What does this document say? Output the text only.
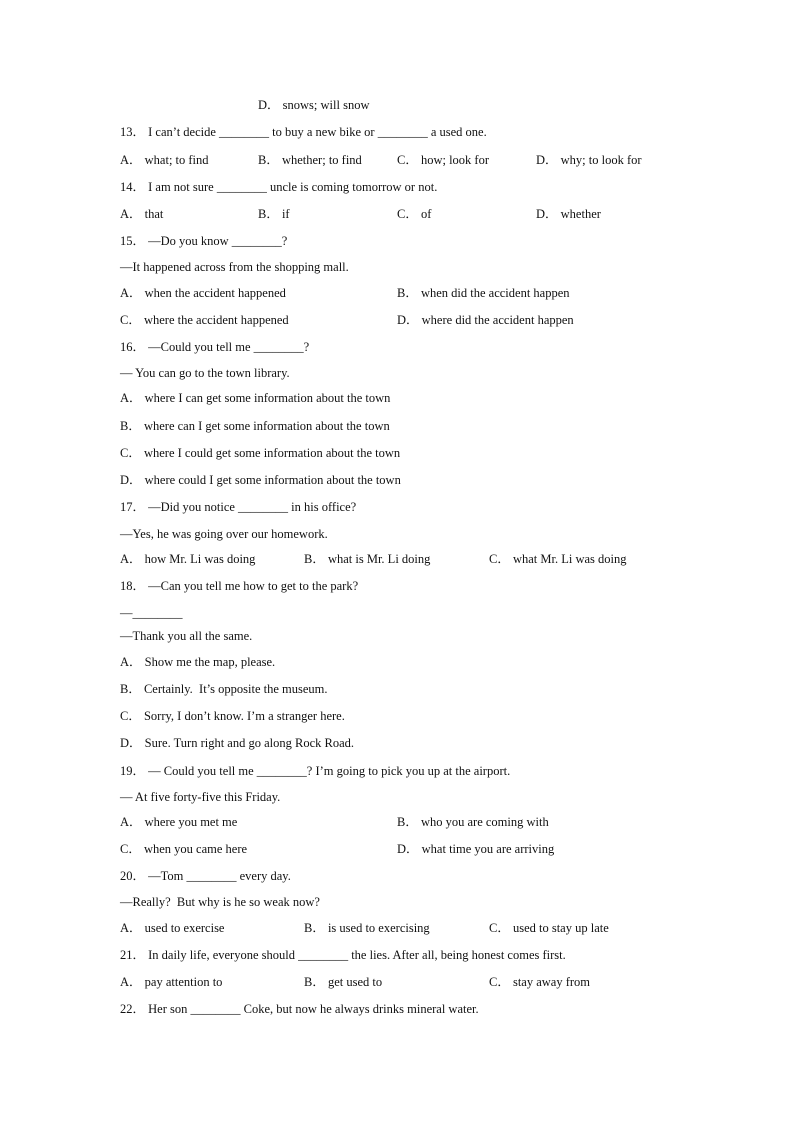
D． snows; will snow
13． I can’t decide ________ to buy a new bike or ________ a used one.
A． what; to find	B． whether; to find	C． how; look for	D． why; to look for
14． I am not sure ________ uncle is coming tomorrow or not.
A． that	B． if	C． of	D． whether
15． —Do you know ________?
—It happened across from the shopping mall.
A． when the accident happened	B． when did the accident happen
C． where the accident happened	D． where did the accident happen
16． —Could you tell me ________?
— You can go to the town library.
A． where I can get some information about the town
B． where can I get some information about the town
C． where I could get some information about the town
D． where could I get some information about the town
17． —Did you notice ________ in his office?
—Yes, he was going over our homework.
A． how Mr. Li was doing	B． what is Mr. Li doing	C． what Mr. Li was doing
18． —Can you tell me how to get to the park?
—________
—Thank you all the same.
A． Show me the map, please.
B． Certainly.  It’s opposite the museum.
C． Sorry, I don’t know. I’m a stranger here.
D． Sure. Turn right and go along Rock Road.
19． — Could you tell me ________? I’m going to pick you up at the airport.
— At five forty-five this Friday.
A． where you met me	B． who you are coming with
C． when you came here	D． what time you are arriving
20． —Tom ________ every day.
—Really?  But why is he so weak now?
A． used to exercise	B． is used to exercising	C． used to stay up late
21． In daily life, everyone should ________ the lies. After all, being honest comes first.
A． pay attention to	B． get used to	C． stay away from
22． Her son ________ Coke, but now he always drinks mineral water.
